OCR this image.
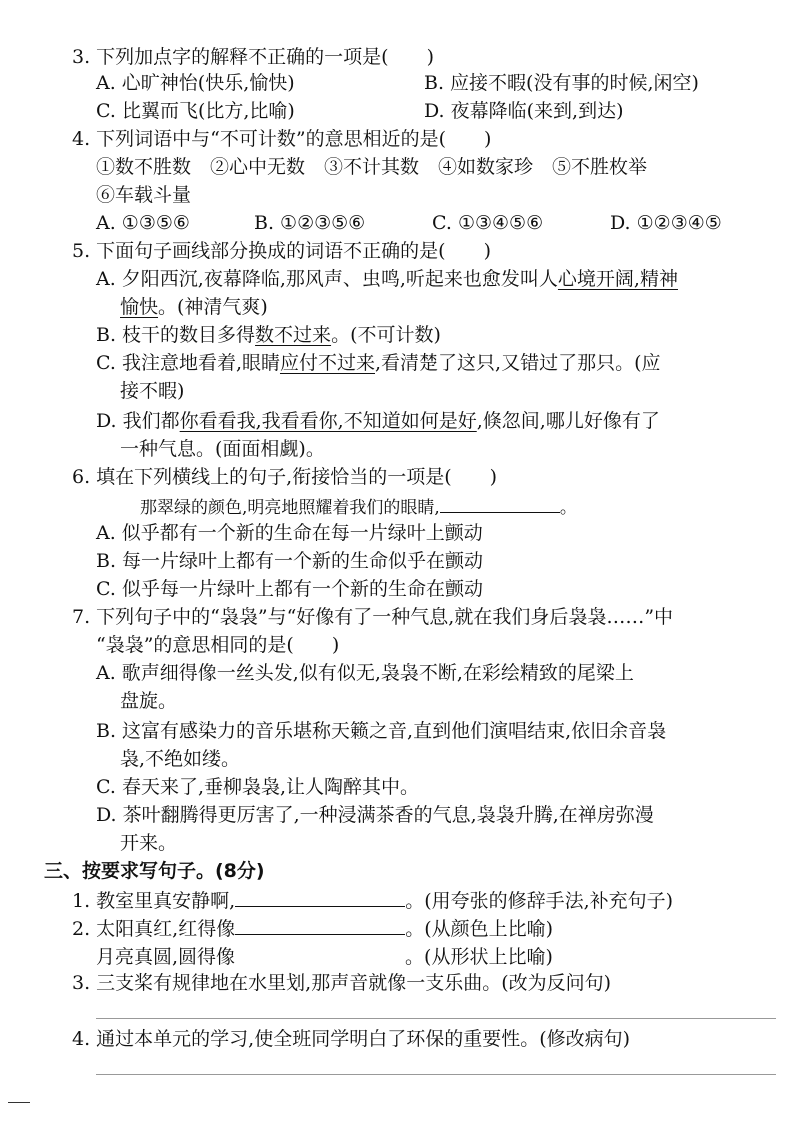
3. 下列加点字的解释不正确的一项是(　　)
A. 心旷神怡(快乐,愉快)	B. 应接不暇(没有事的时候,闲空)
C. 比翼而飞(比方,比喻)	D. 夜幕降临(来到,到达)
4. 下列词语中与“不可计数”的意思相近的是(　　)
①数不胜数　②心中无数　③不计其数　④如数家珍　⑤不胜枚举
⑥车载斗量
A. ①③⑤⑥	B. ①②③⑤⑥	C. ①③④⑤⑥	D. ①②③④⑤
5. 下面句子画线部分换成的词语不正确的是(　　)
A. 夕阳西沉,夜幕降临,那风声、虫鸣,听起来也愈发叫人心境开阔,精神
愉快。(神清气爽)
B. 枝干的数目多得数不过来。(不可计数)
C. 我注意地看着,眼睛应付不过来,看清楚了这只,又错过了那只。(应
接不暇)
D. 我们都你看看我,我看看你,不知道如何是好,倏忽间,哪儿好像有了
一种气息。(面面相觑)。
6. 填在下列横线上的句子,衔接恰当的一项是(　　)
那翠绿的颜色,明亮地照耀着我们的眼睛,	。
A. 似乎都有一个新的生命在每一片绿叶上颤动
B. 每一片绿叶上都有一个新的生命似乎在颤动
C. 似乎每一片绿叶上都有一个新的生命在颤动
7. 下列句子中的“袅袅”与“好像有了一种气息,就在我们身后袅袅……”中
“袅袅”的意思相同的是(　　)
A. 歌声细得像一丝头发,似有似无,袅袅不断,在彩绘精致的尾梁上
盘旋。
B. 这富有感染力的音乐堪称天籁之音,直到他们演唱结束,依旧余音袅
袅,不绝如缕。
C. 春天来了,垂柳袅袅,让人陶醉其中。
D. 茶叶翻腾得更厉害了,一种浸满茶香的气息,袅袅升腾,在禅房弥漫
开来。
三、按要求写句子。(8分)
1. 教室里真安静啊,	。(用夸张的修辞手法,补充句子)
2. 太阳真红,红得像	。(从颜色上比喻)
月亮真圆,圆得像	。(从形状上比喻)
3. 三支桨有规律地在水里划,那声音就像一支乐曲。(改为反问句)
4. 通过本单元的学习,使全班同学明白了环保的重要性。(修改病句)
